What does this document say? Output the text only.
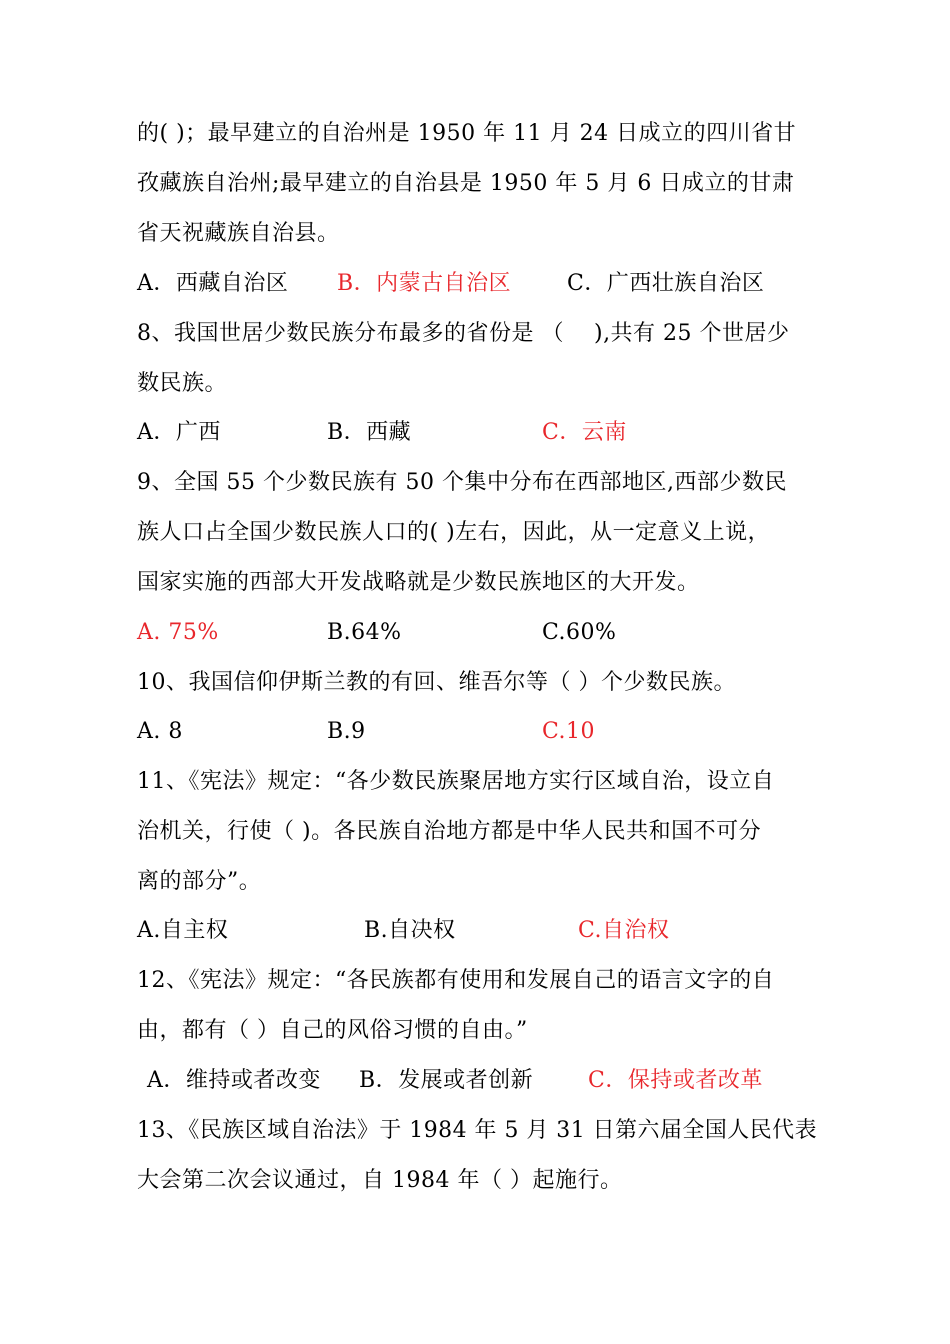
的( )；最早建立的自治州是 1950 年 11 月 24 日成立的四川省甘
孜藏族自治州;最早建立的自治县是 1950 年 5 月 6 日成立的甘肃
省天祝藏族自治县。
A．西藏自治区 B．内蒙古自治区	C．广西壮族自治区
8、我国世居少数民族分布最多的省份是 （　 ),共有 25 个世居少
数民族。
A．广西	B．西藏	C．云南
9、全国 55 个少数民族有 50 个集中分布在西部地区,西部少数民
族人口占全国少数民族人口的( )左右，因此，从一定意义上说，
国家实施的西部大开发战略就是少数民族地区的大开发。
A. 75%	B.64%	C.60%
10、我国信仰伊斯兰教的有回、维吾尔等（ ）个少数民族。
A. 8	B.9	C.10
11、《宪法》规定：“各少数民族聚居地方实行区域自治，设立自
治机关，行使（ )。各民族自治地方都是中华人民共和国不可分
离的部分”。
A.自主权	B.自决权	C.自治权
12、《宪法》规定：“各民族都有使用和发展自己的语言文字的自
由，都有（ ）自己的风俗习惯的自由。”
A．维持或者改变 B．发展或者创新 C．保持或者改革
13、《民族区域自治法》于 1984 年 5 月 31 日第六届全国人民代表
大会第二次会议通过，自 1984 年（ ）起施行。
